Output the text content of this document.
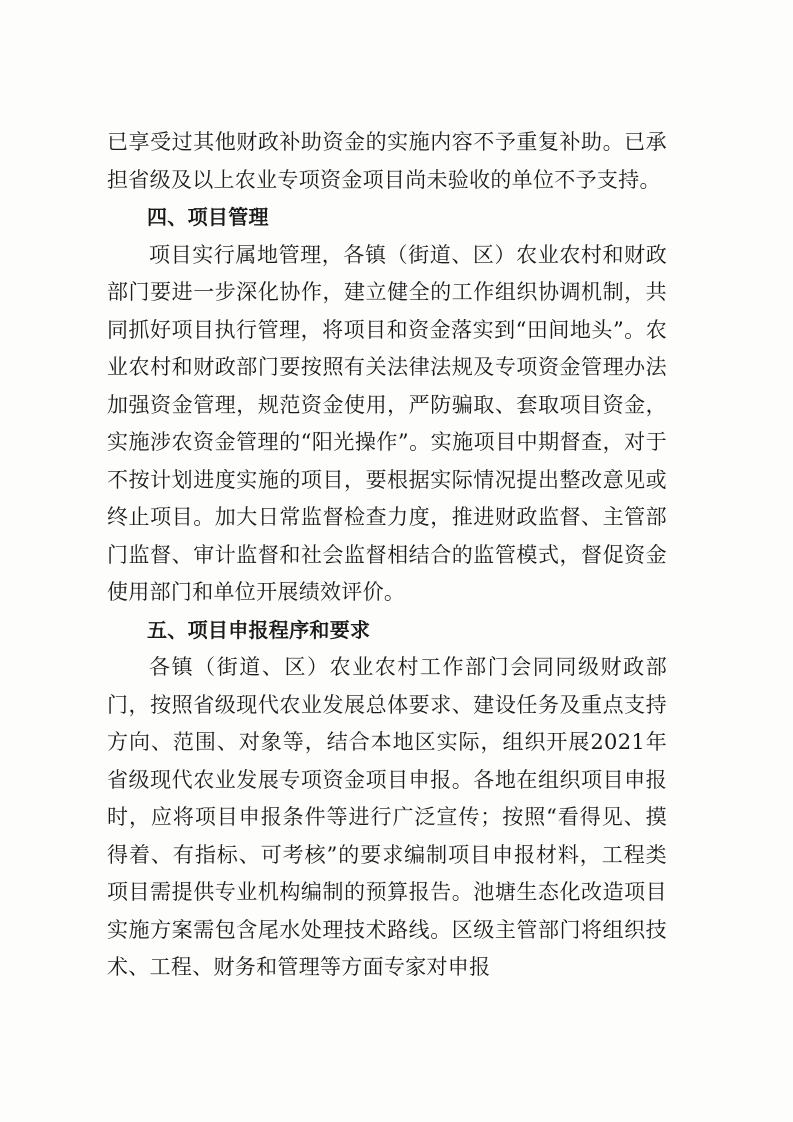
已享受过其他财政补助资金的实施内容不予重复补助。已承担省级及以上农业专项资金项目尚未验收的单位不予支持。

四、项目管理

项目实行属地管理，各镇（街道、区）农业农村和财政部门要进一步深化协作，建立健全的工作组织协调机制，共同抓好项目执行管理，将项目和资金落实到“田间地头”。农业农村和财政部门要按照有关法律法规及专项资金管理办法加强资金管理，规范资金使用，严防骗取、套取项目资金，实施涉农资金管理的“阳光操作”。实施项目中期督查，对于不按计划进度实施的项目，要根据实际情况提出整改意见或终止项目。加大日常监督检查力度，推进财政监督、主管部门监督、审计监督和社会监督相结合的监管模式，督促资金使用部门和单位开展绩效评价。

五、项目申报程序和要求

各镇（街道、区）农业农村工作部门会同同级财政部门，按照省级现代农业发展总体要求、建设任务及重点支持方向、范围、对象等，结合本地区实际，组织开展2021年省级现代农业发展专项资金项目申报。各地在组织项目申报时，应将项目申报条件等进行广泛宣传；按照“看得见、摸得着、有指标、可考核”的要求编制项目申报材料，工程类项目需提供专业机构编制的预算报告。池塘生态化改造项目实施方案需包含尾水处理技术路线。区级主管部门将组织技术、工程、财务和管理等方面专家对申报
